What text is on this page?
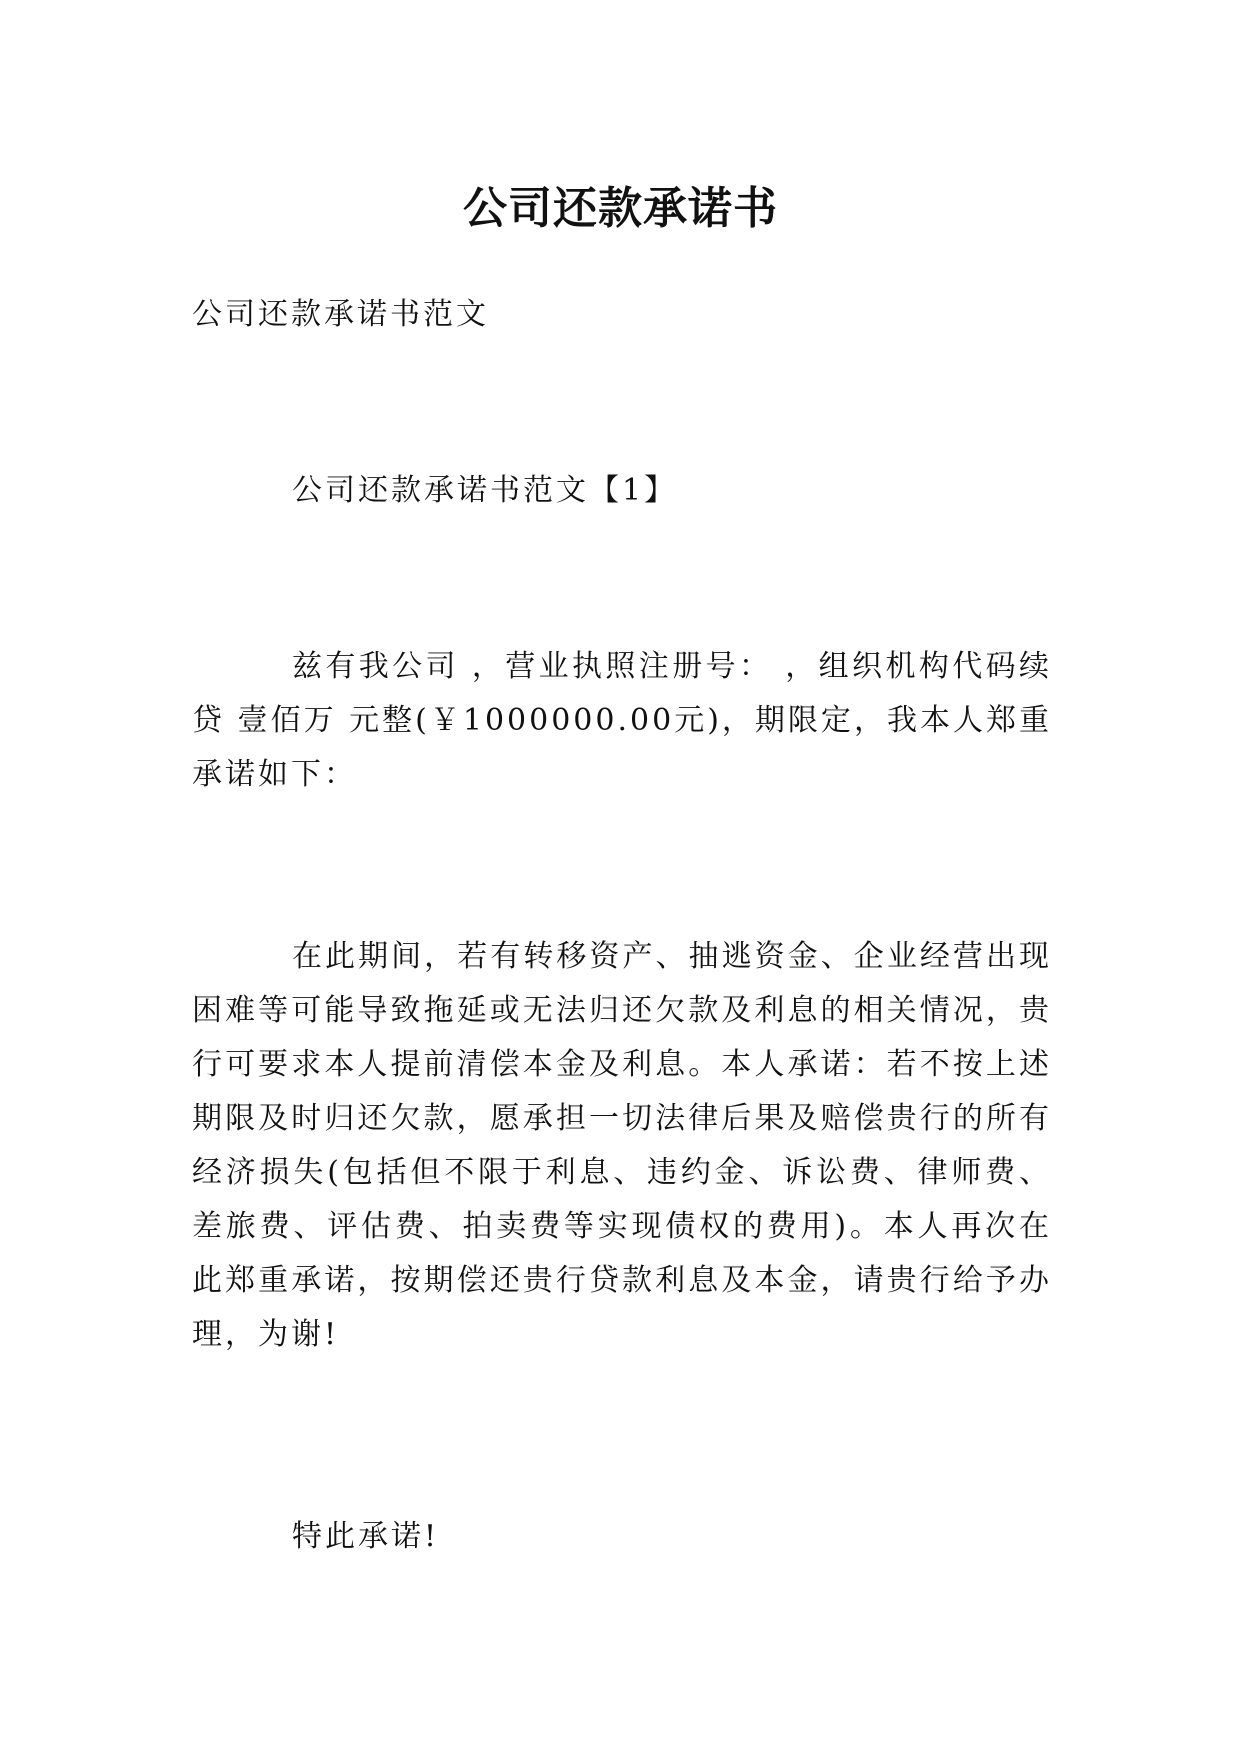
公司还款承诺书

公司还款承诺书范文

公司还款承诺书范文【1】

兹有我公司 ，营业执照注册号： ，组织机构代码续贷 壹佰万 元整(￥1000000.00元)，期限定，我本人郑重承诺如下：

在此期间，若有转移资产、抽逃资金、企业经营出现困难等可能导致拖延或无法归还欠款及利息的相关情况，贵行可要求本人提前清偿本金及利息。本人承诺：若不按上述期限及时归还欠款，愿承担一切法律后果及赔偿贵行的所有经济损失(包括但不限于利息、违约金、诉讼费、律师费、差旅费、评估费、拍卖费等实现债权的费用)。本人再次在此郑重承诺，按期偿还贵行贷款利息及本金，请贵行给予办理，为谢!

特此承诺!
